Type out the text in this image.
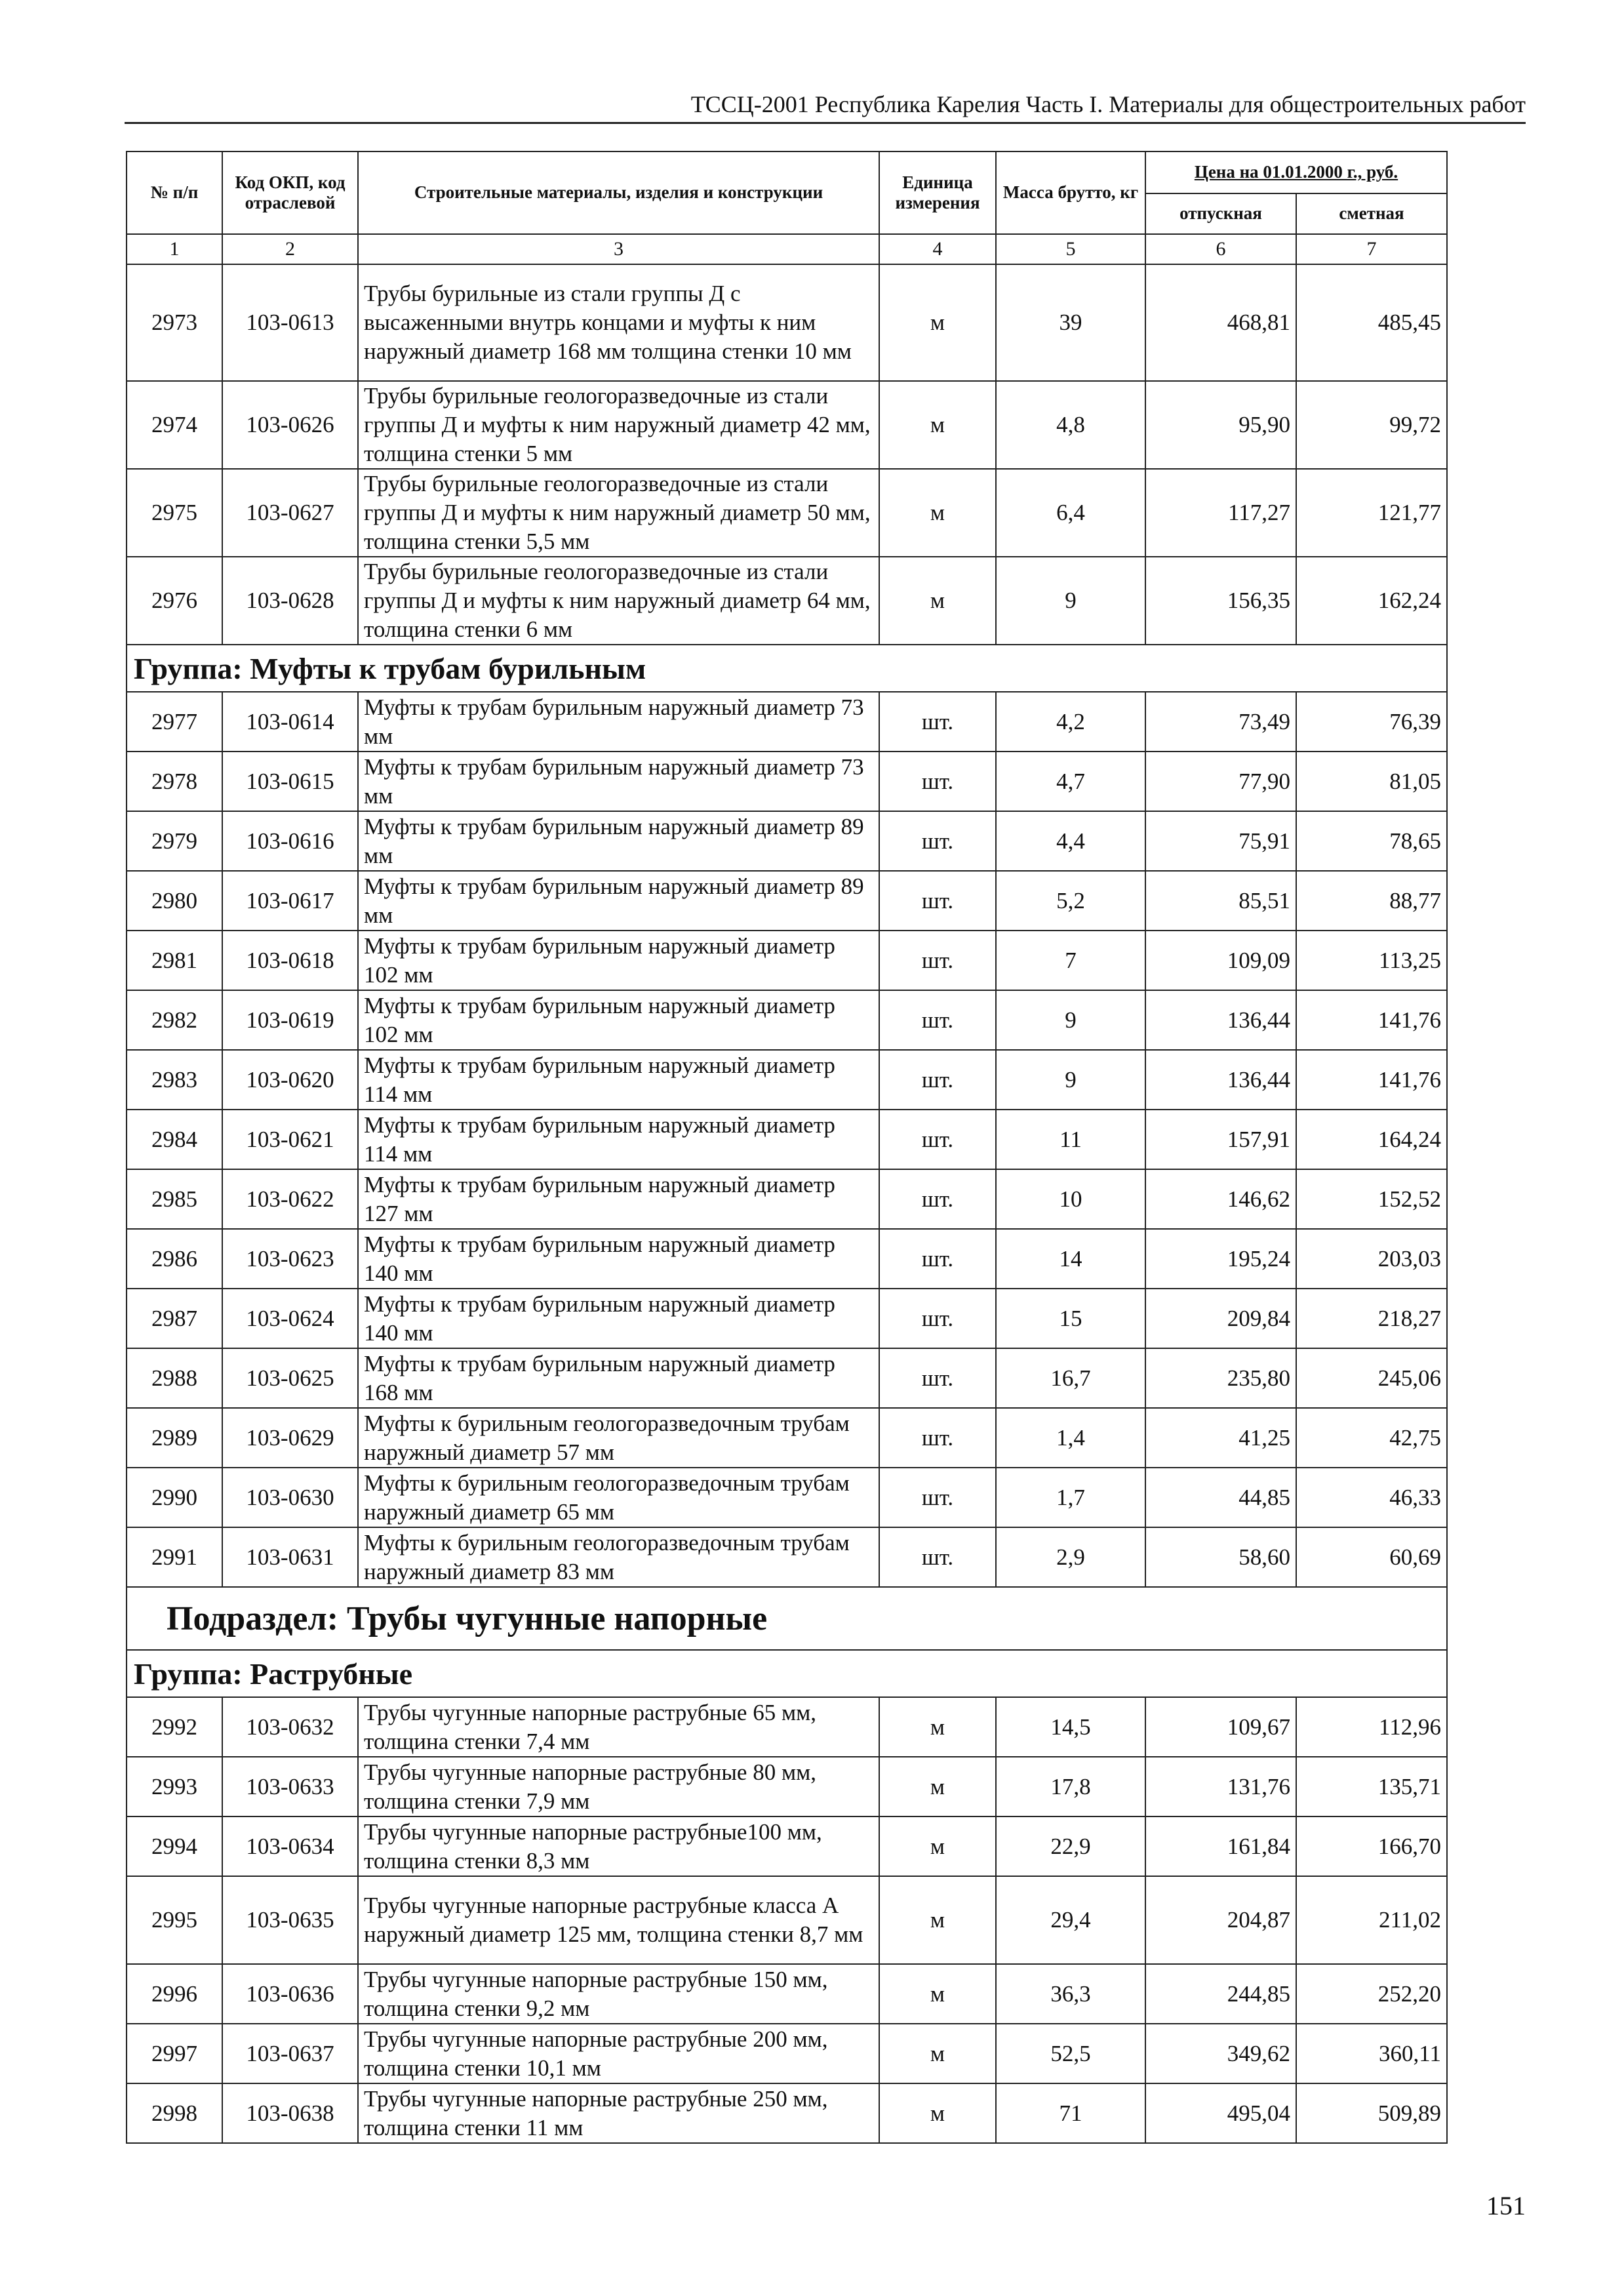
ТССЦ-2001 Республика Карелия Часть I. Материалы для общестроительных работ
№ п/п	Код ОКП, код отраслевой	Строительные материалы, изделия и конструкции	Единица измерения	Масса брутто, кг	Цена на 01.01.2000 г., руб.	
					отпускная	сметная
1	2	3	4	5	6	7
2973	103-0613	Трубы бурильные из стали группы Д с высаженными внутрь концами и муфты к ним наружный диаметр 168 мм толщина стенки 10 мм	м	39	468,81	485,45
2974	103-0626	Трубы бурильные геологоразведочные из стали группы Д и муфты к ним наружный диаметр 42 мм, толщина стенки 5 мм	м	4,8	95,90	99,72
2975	103-0627	Трубы бурильные геологоразведочные из стали группы Д и муфты к ним наружный диаметр 50 мм, толщина стенки 5,5 мм	м	6,4	117,27	121,77
2976	103-0628	Трубы бурильные геологоразведочные из стали группы Д и муфты к ним наружный диаметр 64 мм, толщина стенки 6 мм	м	9	156,35	162,24
Группа: Муфты к трубам бурильным						
2977	103-0614	Муфты к трубам бурильным наружный диаметр 73 мм	шт.	4,2	73,49	76,39
2978	103-0615	Муфты к трубам бурильным наружный диаметр 73 мм	шт.	4,7	77,90	81,05
2979	103-0616	Муфты к трубам бурильным наружный диаметр 89 мм	шт.	4,4	75,91	78,65
2980	103-0617	Муфты к трубам бурильным наружный диаметр 89 мм	шт.	5,2	85,51	88,77
2981	103-0618	Муфты к трубам бурильным наружный диаметр 102 мм	шт.	7	109,09	113,25
2982	103-0619	Муфты к трубам бурильным наружный диаметр 102 мм	шт.	9	136,44	141,76
2983	103-0620	Муфты к трубам бурильным наружный диаметр 114 мм	шт.	9	136,44	141,76
2984	103-0621	Муфты к трубам бурильным наружный диаметр 114 мм	шт.	11	157,91	164,24
2985	103-0622	Муфты к трубам бурильным наружный диаметр 127 мм	шт.	10	146,62	152,52
2986	103-0623	Муфты к трубам бурильным наружный диаметр 140 мм	шт.	14	195,24	203,03
2987	103-0624	Муфты к трубам бурильным наружный диаметр 140 мм	шт.	15	209,84	218,27
2988	103-0625	Муфты к трубам бурильным наружный диаметр 168 мм	шт.	16,7	235,80	245,06
2989	103-0629	Муфты к бурильным геологоразведочным трубам наружный диаметр 57 мм	шт.	1,4	41,25	42,75
2990	103-0630	Муфты к бурильным геологоразведочным трубам наружный диаметр 65 мм	шт.	1,7	44,85	46,33
2991	103-0631	Муфты к бурильным геологоразведочным трубам наружный диаметр 83 мм	шт.	2,9	58,60	60,69
Подраздел: Трубы чугунные напорные						
Группа: Раструбные						
2992	103-0632	Трубы чугунные напорные раструбные 65 мм, толщина стенки 7,4 мм	м	14,5	109,67	112,96
2993	103-0633	Трубы чугунные напорные раструбные 80 мм, толщина стенки 7,9 мм	м	17,8	131,76	135,71
2994	103-0634	Трубы чугунные напорные раструбные100 мм, толщина стенки 8,3 мм	м	22,9	161,84	166,70
2995	103-0635	Трубы чугунные напорные раструбные класса А наружный диаметр 125 мм, толщина стенки 8,7 мм	м	29,4	204,87	211,02
2996	103-0636	Трубы чугунные напорные раструбные 150 мм, толщина стенки 9,2 мм	м	36,3	244,85	252,20
2997	103-0637	Трубы чугунные напорные раструбные 200 мм, толщина стенки 10,1 мм	м	52,5	349,62	360,11
2998	103-0638	Трубы чугунные напорные раструбные 250 мм, толщина стенки 11 мм	м	71	495,04	509,89
151
